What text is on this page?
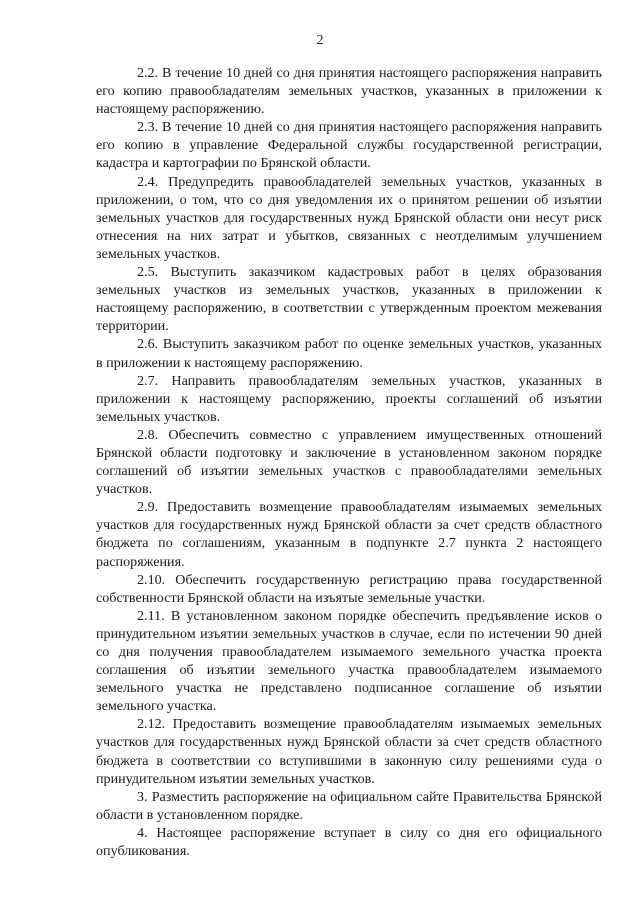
2

2.2. В течение 10 дней со дня принятия настоящего распоряжения направить его копию правообладателям земельных участков, указанных в приложении к настоящему распоряжению.

2.3. В течение 10 дней со дня принятия настоящего распоряжения направить его копию в управление Федеральной службы государственной регистрации, кадастра и картографии по Брянской области.

2.4. Предупредить правообладателей земельных участков, указанных в приложении, о том, что со дня уведомления их о принятом решении об изъятии земельных участков для государственных нужд Брянской области они несут риск отнесения на них затрат и убытков, связанных с неотделимым улучшением земельных участков.

2.5. Выступить заказчиком кадастровых работ в целях образования земельных участков из земельных участков, указанных в приложении к настоящему распоряжению, в соответствии с утвержденным проектом межевания территории.

2.6. Выступить заказчиком работ по оценке земельных участков, указанных в приложении к настоящему распоряжению.

2.7. Направить правообладателям земельных участков, указанных в приложении к настоящему распоряжению, проекты соглашений об изъятии земельных участков.

2.8. Обеспечить совместно с управлением имущественных отношений Брянской области подготовку и заключение в установленном законом порядке соглашений об изъятии земельных участков с правообладателями земельных участков.

2.9. Предоставить возмещение правообладателям изымаемых земельных участков для государственных нужд Брянской области за счет средств областного бюджета по соглашениям, указанным в подпункте 2.7 пункта 2 настоящего распоряжения.

2.10. Обеспечить государственную регистрацию права государственной собственности Брянской области на изъятые земельные участки.

2.11. В установленном законом порядке обеспечить предъявление исков о принудительном изъятии земельных участков в случае, если по истечении 90 дней со дня получения правообладателем изымаемого земельного участка проекта соглашения об изъятии земельного участка правообладателем изымаемого земельного участка не представлено подписанное соглашение об изъятии земельного участка.

2.12. Предоставить возмещение правообладателям изымаемых земельных участков для государственных нужд Брянской области за счет средств областного бюджета в соответствии со вступившими в законную силу решениями суда о принудительном изъятии земельных участков.

3. Разместить распоряжение на официальном сайте Правительства Брянской области в установленном порядке.

4. Настоящее распоряжение вступает в силу со дня его официального опубликования.
